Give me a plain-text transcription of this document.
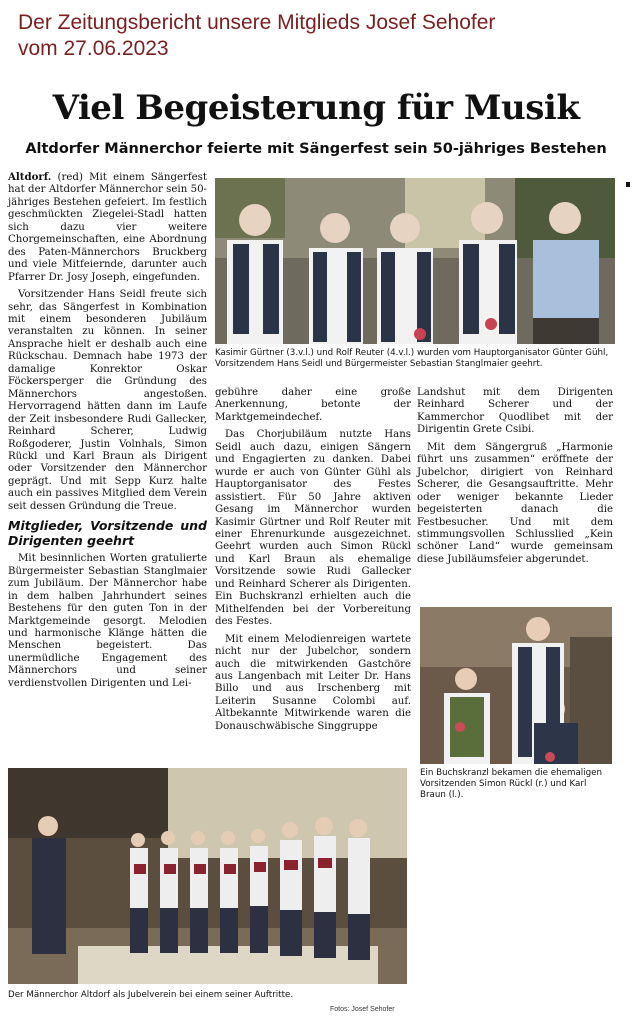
Der Zeitungsbericht unsere Mitglieds Josef Sehofer
vom 27.06.2023
Viel Begeisterung für Musik
Altdorfer Männerchor feierte mit Sängerfest sein 50-jähriges Bestehen

Altdorf. (red) Mit einem Sängerfest hat der Altdorfer Männerchor sein 50-jähriges Bestehen gefeiert. Im festlich geschmückten Ziegelei-Stadl hatten sich dazu vier weitere Chorgemeinschaften, eine Abordnung des Paten-Männerchors Bruckberg und viele Mitfeiernde, darunter auch Pfarrer Dr. Josy Joseph, eingefunden.

Vorsitzender Hans Seidl freute sich sehr, das Sängerfest in Kombination mit einem besonderen Jubiläum veranstalten zu können. In seiner Ansprache hielt er deshalb auch eine Rückschau. Demnach habe 1973 der damalige Konrektor Oskar Föckersperger die Gründung des Männerchors angestoßen. Hervorragend hätten dann im Laufe der Zeit insbesondere Rudi Gallecker, Reinhard Scherer, Ludwig Roßgoderer, Justin Volnhals, Simon Rückl und Karl Braun als Dirigent oder Vorsitzender den Männerchor geprägt. Und mit Sepp Kurz halte auch ein passives Mitglied dem Verein seit dessen Gründung die Treue.

Mitglieder, Vorsitzende und Dirigenten geehrt

Mit besinnlichen Worten gratulierte Bürgermeister Sebastian Stanglmaier zum Jubiläum. Der Männerchor habe in dem halben Jahrhundert seines Bestehens für den guten Ton in der Marktgemeinde gesorgt. Melodien und harmonische Klänge hätten die Menschen begeistert. Das unermüdliche Engagement des Männerchors und seiner verdienstvollen Dirigenten und Lei-

Kasimir Gürtner (3.v.l.) und Rolf Reuter (4.v.l.) wurden vom Hauptorganisator Günter Gühl, Vorsitzendem Hans Seidl und Bürgermeister Sebastian Stanglmaier geehrt.

gebühre daher eine große Anerkennung, betonte der Marktgemeindechef.

Das Chorjubiläum nutzte Hans Seidl auch dazu, einigen Sängern und Engagierten zu danken. Dabei wurde er auch von Günter Gühl als Hauptorganisator des Festes assistiert. Für 50 Jahre aktiven Gesang im Männerchor wurden Kasimir Gürtner und Rolf Reuter mit einer Ehrenurkunde ausgezeichnet. Geehrt wurden auch Simon Rückl und Karl Braun als ehemalige Vorsitzende sowie Rudi Gallecker und Reinhard Scherer als Dirigenten. Ein Buchskranzl erhielten auch die Mithelfenden bei der Vorbereitung des Festes.

Mit einem Melodienreigen wartete nicht nur der Jubelchor, sondern auch die mitwirkenden Gastchöre aus Langenbach mit Leiter Dr. Hans Billo und aus Irschenberg mit Leiterin Susanne Colombi auf. Altbekannte Mitwirkende waren die Donauschwäbische Singgruppe

Landshut mit dem Dirigenten Reinhard Scherer und der Kammerchor Quodlibet mit der Dirigentin Grete Csibi.

Mit dem Sängergruß „Harmonie führt uns zusammen“ eröffnete der Jubelchor, dirigiert von Reinhard Scherer, die Gesangsauftritte. Mehr oder weniger bekannte Lieder begeisterten danach die Festbesucher. Und mit dem stimmungsvollen Schlusslied „Kein schöner Land“ wurde gemeinsam diese Jubiläumsfeier abgerundet.

Ein Buchskranzl bekamen die ehemaligen Vorsitzenden Simon Rückl (r.) und Karl Braun (l.).
Der Männerchor Altdorf als Jubelverein bei einem seiner Auftritte.
Fotos: Josef Sehofer
